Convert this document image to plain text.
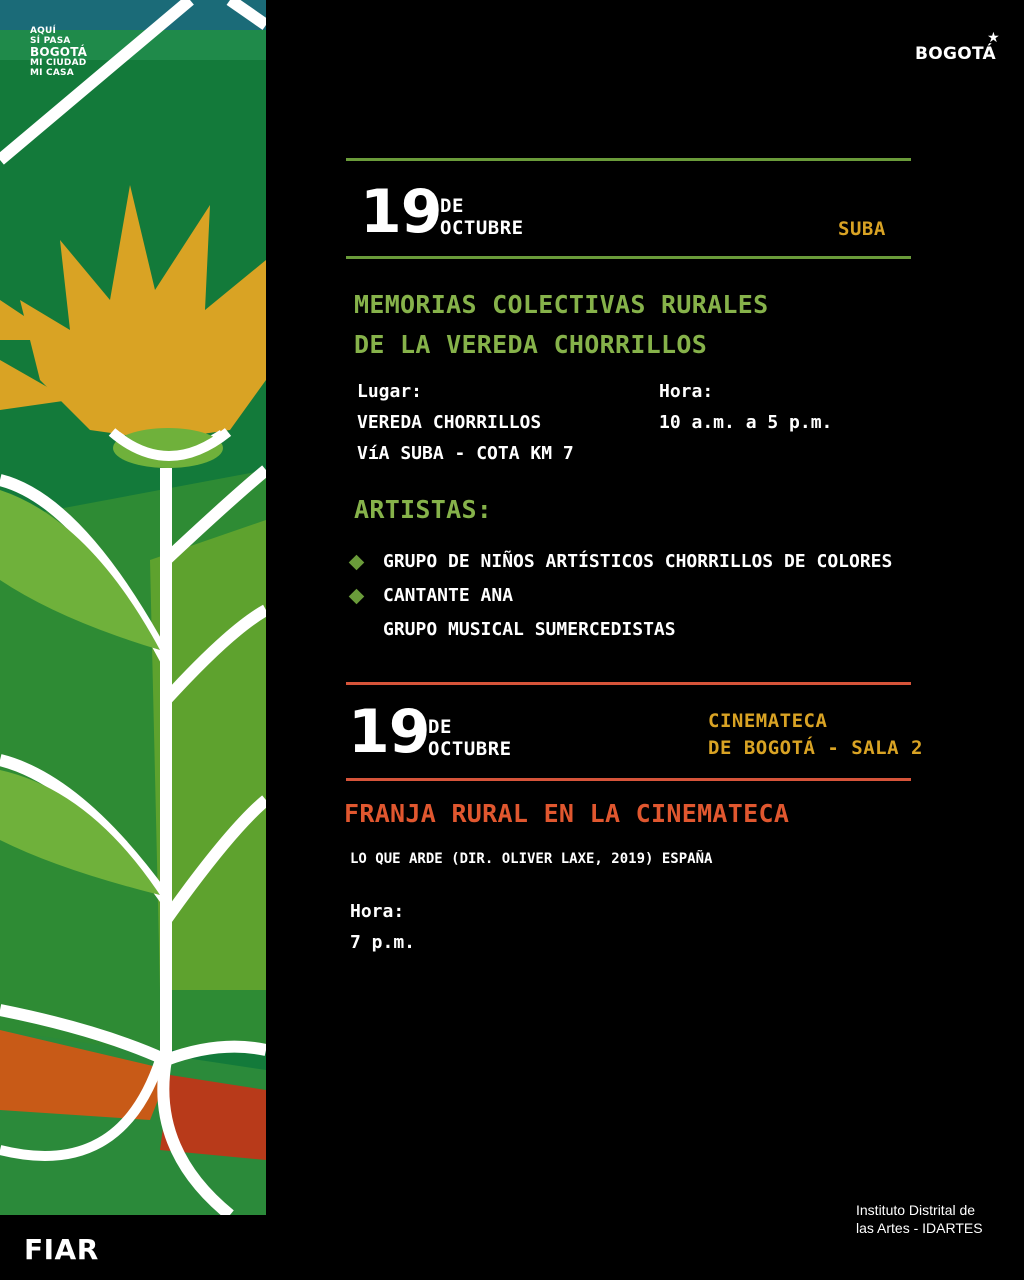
AQUÍ
SÍ PASA
BOGOTÁ
MI CIUDAD
MI CASA
BOGOTÁ
★
19
DE
OCTUBRE	SUBA
MEMORIAS COLECTIVAS RURALES
DE LA VEREDA CHORRILLOS
Lugar:
VEREDA CHORRILLOS
VíA SUBA - COTA KM 7
Hora:
10 a.m. a 5 p.m.
ARTISTAS:
GRUPO DE NIÑOS ARTÍSTICOS CHORRILLOS DE COLORES
CANTANTE ANA
GRUPO MUSICAL SUMERCEDISTAS
19
DE
OCTUBRE
CINEMATECA
DE BOGOTÁ - SALA 2
FRANJA RURAL EN LA CINEMATECA
LO QUE ARDE (DIR. OLIVER LAXE, 2019) ESPAÑA
Hora:
7 p.m.
FIAR
Instituto Distrital de
las Artes - IDARTES
